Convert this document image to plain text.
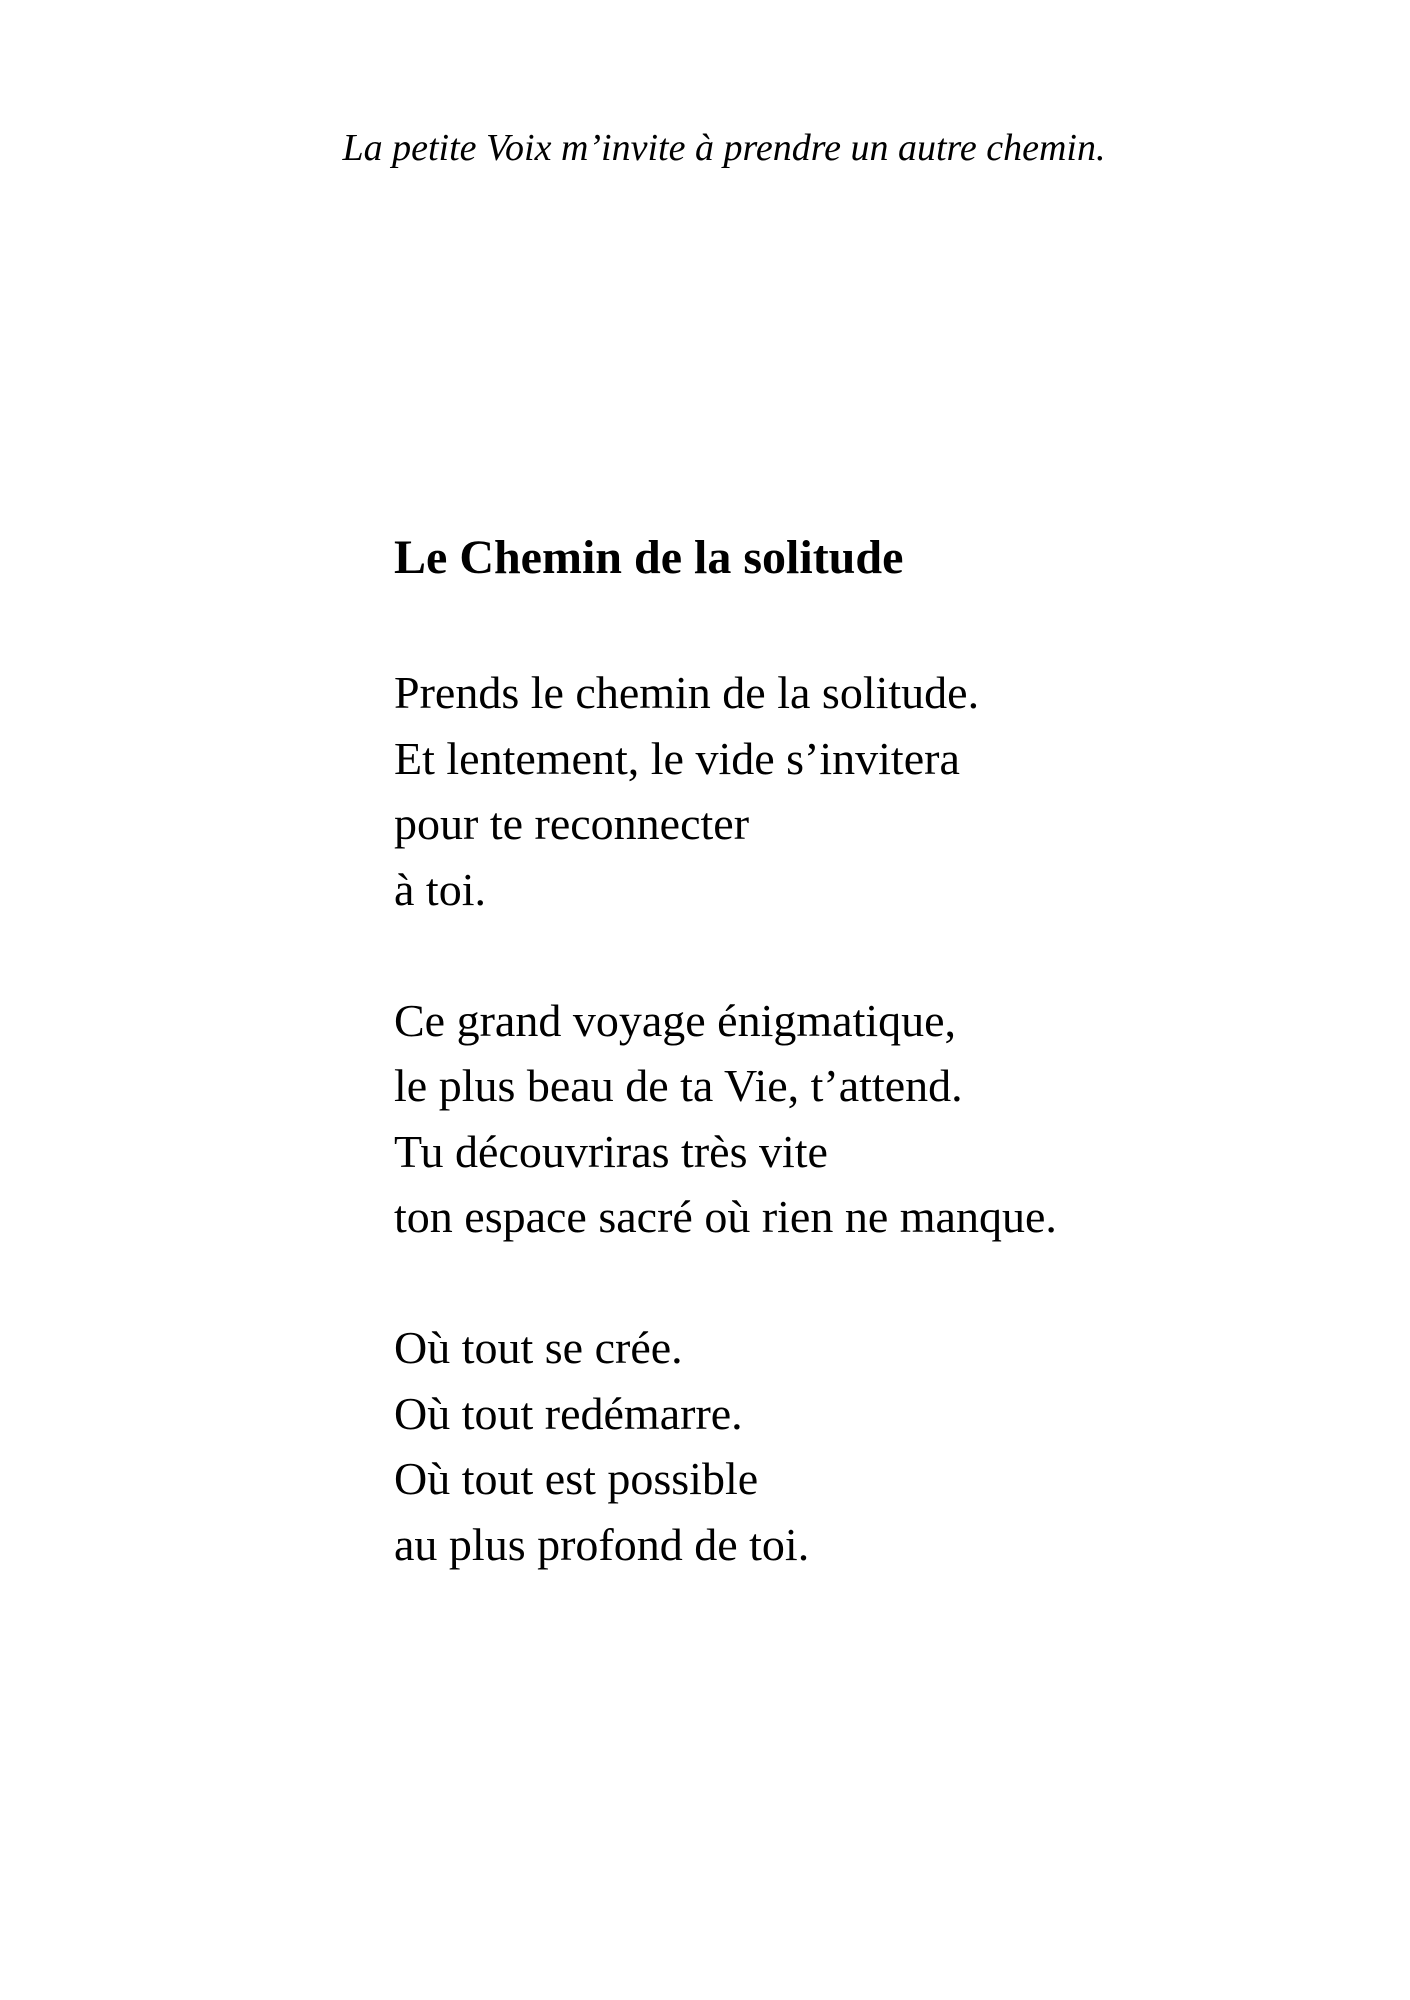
La petite Voix m’invite à prendre un autre chemin.
Le Chemin de la solitude

Prends le chemin de la solitude.
Et lentement, le vide s’invitera
pour te reconnecter
à toi.

Ce grand voyage énigmatique,
le plus beau de ta Vie, t’attend.
Tu découvriras très vite
ton espace sacré où rien ne manque.

Où tout se crée.
Où tout redémarre.
Où tout est possible
au plus profond de toi.
